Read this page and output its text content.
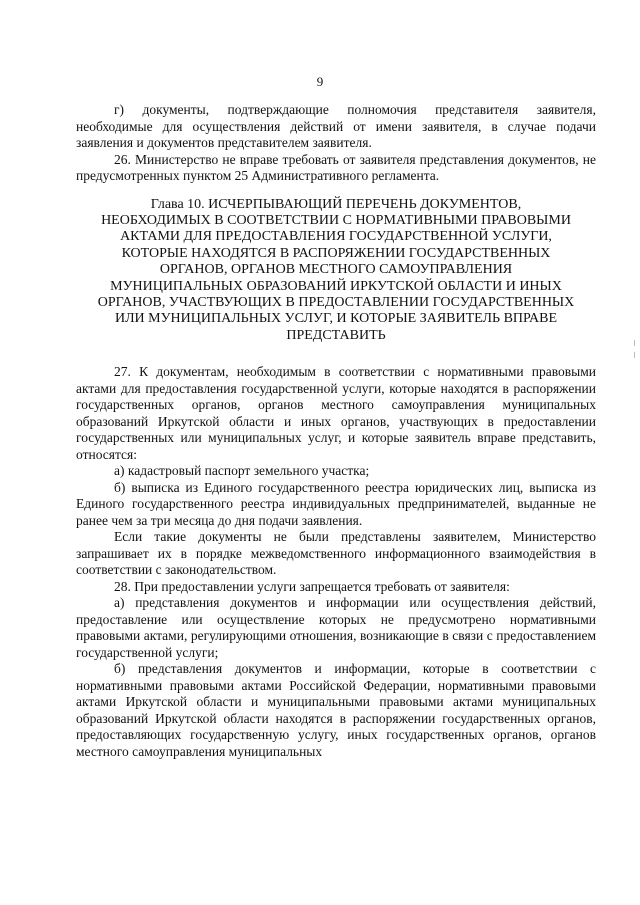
9

г) документы, подтверждающие полномочия представителя заявителя, необходимые для осуществления действий от имени заявителя, в случае подачи заявления и документов представителем заявителя.

26. Министерство не вправе требовать от заявителя представления документов, не предусмотренных пунктом 25 Административного регламента.

Глава 10. ИСЧЕРПЫВАЮЩИЙ ПЕРЕЧЕНЬ ДОКУМЕНТОВ,
НЕОБХОДИМЫХ В СООТВЕТСТВИИ С НОРМАТИВНЫМИ ПРАВОВЫМИ
АКТАМИ ДЛЯ ПРЕДОСТАВЛЕНИЯ ГОСУДАРСТВЕННОЙ УСЛУГИ,
КОТОРЫЕ НАХОДЯТСЯ В РАСПОРЯЖЕНИИ ГОСУДАРСТВЕННЫХ
ОРГАНОВ, ОРГАНОВ МЕСТНОГО САМОУПРАВЛЕНИЯ
МУНИЦИПАЛЬНЫХ ОБРАЗОВАНИЙ ИРКУТСКОЙ ОБЛАСТИ И ИНЫХ
ОРГАНОВ, УЧАСТВУЮЩИХ В ПРЕДОСТАВЛЕНИИ ГОСУДАРСТВЕННЫХ
ИЛИ МУНИЦИПАЛЬНЫХ УСЛУГ, И КОТОРЫЕ ЗАЯВИТЕЛЬ ВПРАВЕ
ПРЕДСТАВИТЬ

27. К документам, необходимым в соответствии с нормативными правовыми актами для предоставления государственной услуги, которые находятся в распоряжении государственных органов, органов местного самоуправления муниципальных образований Иркутской области и иных органов, участвующих в предоставлении государственных или муниципальных услуг, и которые заявитель вправе представить, относятся:

а) кадастровый паспорт земельного участка;

б) выписка из Единого государственного реестра юридических лиц, выписка из Единого государственного реестра индивидуальных предпринимателей, выданные не ранее чем за три месяца до дня подачи заявления.

Если такие документы не были представлены заявителем, Министерство запрашивает их в порядке межведомственного информационного взаимодействия в соответствии с законодательством.

28. При предоставлении услуги запрещается требовать от заявителя:

а) представления документов и информации или осуществления действий, предоставление или осуществление которых не предусмотрено нормативными правовыми актами, регулирующими отношения, возникающие в связи с предоставлением государственной услуги;

б) представления документов и информации, которые в соответствии с нормативными правовыми актами Российской Федерации, нормативными правовыми актами Иркутской области и муниципальными правовыми актами муниципальных образований Иркутской области находятся в распоряжении государственных органов, предоставляющих государственную услугу, иных государственных органов, органов местного самоуправления муниципальных
